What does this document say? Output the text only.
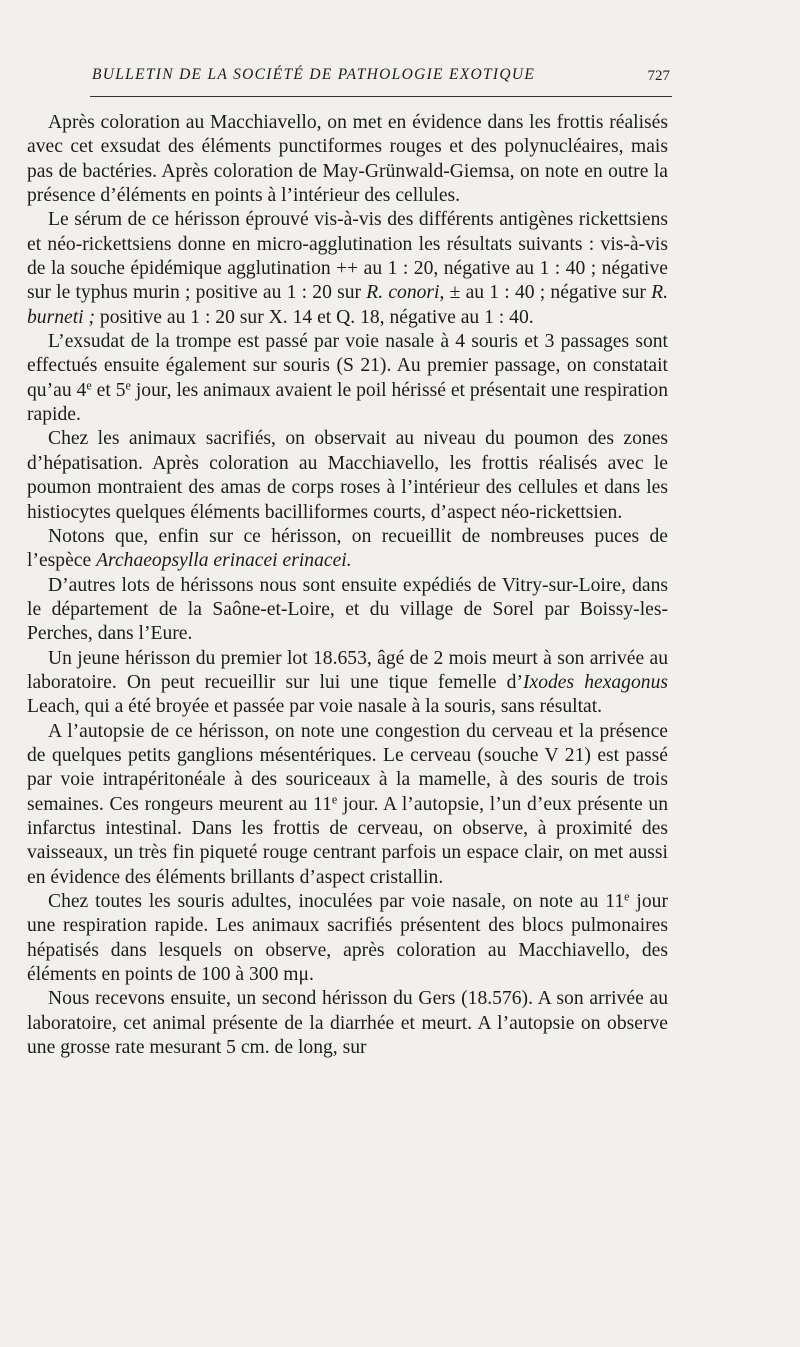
BULLETIN DE LA SOCIÉTÉ DE PATHOLOGIE EXOTIQUE	727

Après coloration au Macchiavello, on met en évidence dans les frottis réalisés avec cet exsudat des éléments punctiformes rouges et des polynucléaires, mais pas de bactéries. Après coloration de May-Grünwald-Giemsa, on note en outre la présence d’éléments en points à l’intérieur des cellules.

Le sérum de ce hérisson éprouvé vis-à-vis des différents antigènes rickettsiens et néo-rickettsiens donne en micro-agglutination les résultats suivants : vis-à-vis de la souche épidémique agglutination ++ au 1 : 20, négative au 1 : 40 ; négative sur le typhus murin ; positive au 1 : 20 sur R. conori, ± au 1 : 40 ; négative sur R. burneti ; positive au 1 : 20 sur X. 14 et Q. 18, négative au 1 : 40.

L’exsudat de la trompe est passé par voie nasale à 4 souris et 3 passages sont effectués ensuite également sur souris (S 21). Au premier passage, on constatait qu’au 4e et 5e jour, les animaux avaient le poil hérissé et présentait une respiration rapide.

Chez les animaux sacrifiés, on observait au niveau du poumon des zones d’hépatisation. Après coloration au Macchiavello, les frottis réalisés avec le poumon montraient des amas de corps roses à l’intérieur des cellules et dans les histiocytes quelques éléments bacilliformes courts, d’aspect néo-rickettsien.

Notons que, enfin sur ce hérisson, on recueillit de nombreuses puces de l’espèce Archaeopsylla erinacei erinacei.

D’autres lots de hérissons nous sont ensuite expédiés de Vitry-sur-Loire, dans le département de la Saône-et-Loire, et du village de Sorel par Boissy-les-Perches, dans l’Eure.

Un jeune hérisson du premier lot 18.653, âgé de 2 mois meurt à son arrivée au laboratoire. On peut recueillir sur lui une tique femelle d’Ixodes hexagonus Leach, qui a été broyée et passée par voie nasale à la souris, sans résultat.

A l’autopsie de ce hérisson, on note une congestion du cerveau et la présence de quelques petits ganglions mésentériques. Le cerveau (souche V 21) est passé par voie intrapéritonéale à des souriceaux à la mamelle, à des souris de trois semaines. Ces rongeurs meurent au 11e jour. A l’autopsie, l’un d’eux présente un infarctus intestinal. Dans les frottis de cerveau, on observe, à proximité des vaisseaux, un très fin piqueté rouge centrant parfois un espace clair, on met aussi en évidence des éléments brillants d’aspect cristallin.

Chez toutes les souris adultes, inoculées par voie nasale, on note au 11e jour une respiration rapide. Les animaux sacrifiés présentent des blocs pulmonaires hépatisés dans lesquels on observe, après coloration au Macchiavello, des éléments en points de 100 à 300 mμ.

Nous recevons ensuite, un second hérisson du Gers (18.576). A son arrivée au laboratoire, cet animal présente de la diarrhée et meurt. A l’autopsie on observe une grosse rate mesurant 5 cm. de long, sur
